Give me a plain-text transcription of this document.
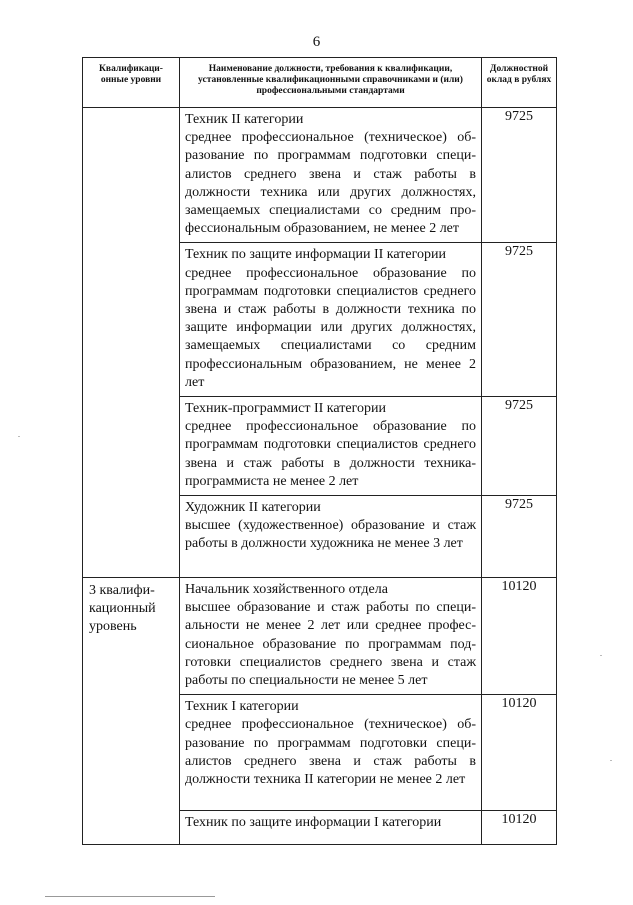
6
Квалификаци-онные уровни	Наименование должности, требования к квалификации, установленные квалификационными справочниками и (или) профессиональными стандартами	Должностной оклад в рублях

	Техник II категории
среднее профессиональное (техническое) образование по программам подготовки специалистов среднего звена и стаж работы в должности техника или других должностях, замещаемых специалистами со средним профессиональным образованием, не менее 2 лет	9725

	Техник по защите информации II категории
среднее профессиональное образование по программам подготовки специалистов среднего звена и стаж работы в должности техника по защите информации или других должностях, замещаемых специалистами со средним профессиональным образованием, не менее 2 лет	9725

	Техник-программист II категории
среднее профессиональное образование по программам подготовки специалистов среднего звена и стаж работы в должности техника-программиста не менее 2 лет	9725

	Художник II категории
высшее (художественное) образование и стаж работы в должности художника не менее 3 лет	9725
3 квалификационный уровень	Начальник хозяйственного отдела
высшее образование и стаж работы по специальности не менее 2 лет или среднее профессиональное образование по программам подготовки специалистов среднего звена и стаж работы по специальности не менее 5 лет	10120

	Техник I категории
среднее профессиональное (техническое) образование по программам подготовки специалистов среднего звена и стаж работы в должности техника II категории не менее 2 лет	10120

	Техник по защите информации I категории	10120
